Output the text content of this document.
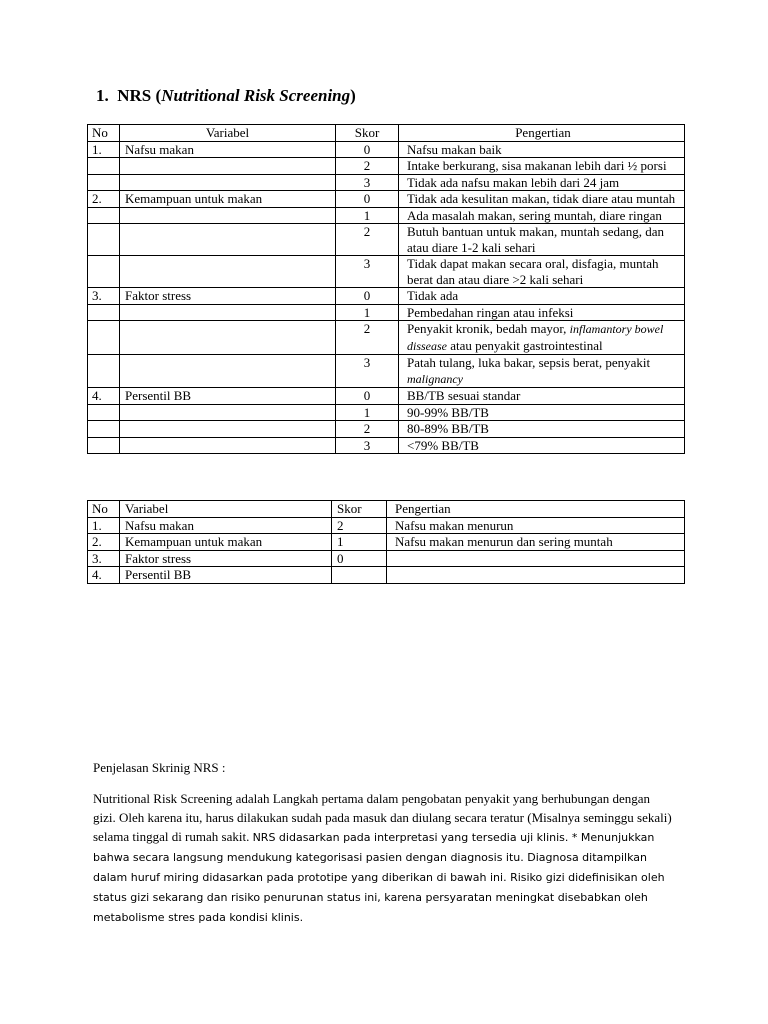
1. NRS (Nutritional Risk Screening)
No	Variabel	Skor	Pengertian
1.	Nafsu makan	0	Nafsu makan baik
		2	Intake berkurang, sisa makanan lebih dari ½ porsi
		3	Tidak ada nafsu makan lebih dari 24 jam
2.	Kemampuan untuk makan	0	Tidak ada kesulitan makan, tidak diare atau muntah
		1	Ada masalah makan, sering muntah, diare ringan
		2	Butuh bantuan untuk makan, muntah sedang, dan atau diare 1-2 kali sehari
		3	Tidak dapat makan secara oral, disfagia, muntah berat dan atau diare >2 kali sehari
3.	Faktor stress	0	Tidak ada
		1	Pembedahan ringan atau infeksi
		2	Penyakit kronik, bedah mayor, inflamantory bowel dissease atau penyakit gastrointestinal
		3	Patah tulang, luka bakar, sepsis berat, penyakit malignancy
4.	Persentil BB	0	BB/TB sesuai standar
		1	90-99% BB/TB
		2	80-89% BB/TB
		3	<79% BB/TB
No	Variabel	Skor	Pengertian
1.	Nafsu makan	2	Nafsu makan menurun
2.	Kemampuan untuk makan	1	Nafsu makan menurun dan sering muntah
3.	Faktor stress	0	
4.	Persentil BB		
Penjelasan Skrinig NRS :
Nutritional Risk Screening adalah Langkah pertama dalam pengobatan penyakit yang berhubungan dengan gizi. Oleh karena itu, harus dilakukan sudah pada masuk dan diulang secara teratur (Misalnya seminggu sekali) selama tinggal di rumah sakit. NRS didasarkan pada interpretasi yang tersedia uji klinis. * Menunjukkan bahwa secara langsung mendukung kategorisasi pasien dengan diagnosis itu. Diagnosa ditampilkan dalam huruf miring didasarkan pada prototipe yang diberikan di bawah ini. Risiko gizi didefinisikan oleh status gizi sekarang dan risiko penurunan status ini, karena persyaratan meningkat disebabkan oleh metabolisme stres pada kondisi klinis.
